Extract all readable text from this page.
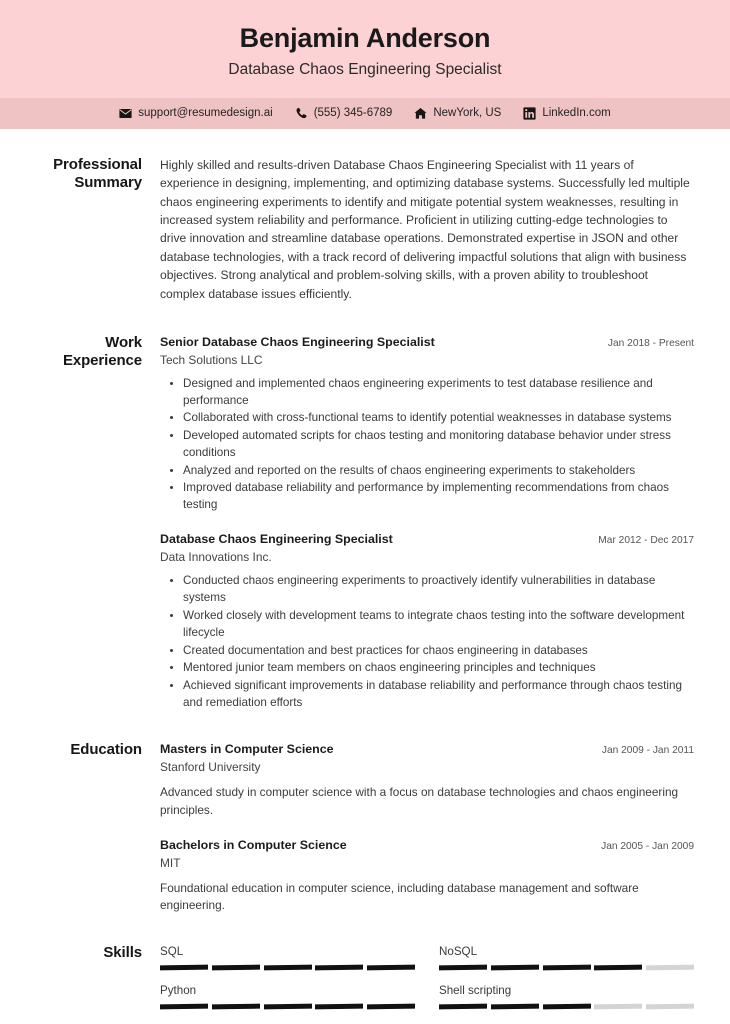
Benjamin Anderson
Database Chaos Engineering Specialist
support@resumedesign.ai	(555) 345-6789	NewYork, US	LinkedIn.com
Professional Summary
Highly skilled and results-driven Database Chaos Engineering Specialist with 11 years of experience in designing, implementing, and optimizing database systems. Successfully led multiple chaos engineering experiments to identify and mitigate potential system weaknesses, resulting in increased system reliability and performance. Proficient in utilizing cutting-edge technologies to drive innovation and streamline database operations. Demonstrated expertise in JSON and other database technologies, with a track record of delivering impactful solutions that align with business objectives. Strong analytical and problem-solving skills, with a proven ability to troubleshoot complex database issues efficiently.
Work Experience
Senior Database Chaos Engineering Specialist	Jan 2018 - Present
Tech Solutions LLC
Designed and implemented chaos engineering experiments to test database resilience and performance
Collaborated with cross-functional teams to identify potential weaknesses in database systems
Developed automated scripts for chaos testing and monitoring database behavior under stress conditions
Analyzed and reported on the results of chaos engineering experiments to stakeholders
Improved database reliability and performance by implementing recommendations from chaos testing
Database Chaos Engineering Specialist	Mar 2012 - Dec 2017
Data Innovations Inc.
Conducted chaos engineering experiments to proactively identify vulnerabilities in database systems
Worked closely with development teams to integrate chaos testing into the software development lifecycle
Created documentation and best practices for chaos engineering in databases
Mentored junior team members on chaos engineering principles and techniques
Achieved significant improvements in database reliability and performance through chaos testing and remediation efforts
Education	Masters in Computer Science	Jan 2009 - Jan 2011
Stanford University
Advanced study in computer science with a focus on database technologies and chaos engineering principles.
Bachelors in Computer Science	Jan 2005 - Jan 2009
MIT
Foundational education in computer science, including database management and software engineering.
Skills	SQL	NoSQL
Python	Shell scripting
